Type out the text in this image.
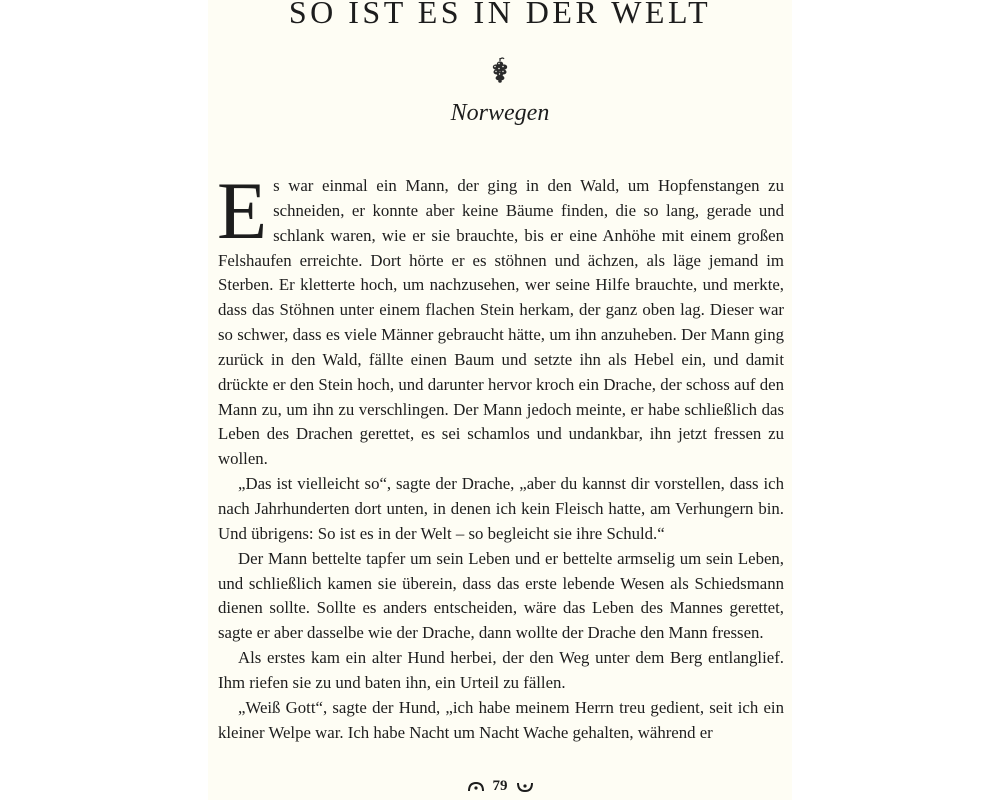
SO IST ES IN DER WELT
Norwegen

Es war einmal ein Mann, der ging in den Wald, um Hopfenstangen zu schneiden, er konnte aber keine Bäume finden, die so lang, gerade und schlank waren, wie er sie brauchte, bis er eine Anhöhe mit einem großen Felshaufen erreichte. Dort hörte er es stöhnen und ächzen, als läge jemand im Sterben. Er kletterte hoch, um nachzusehen, wer seine Hilfe brauchte, und merkte, dass das Stöhnen unter einem flachen Stein herkam, der ganz oben lag. Dieser war so schwer, dass es viele Männer gebraucht hätte, um ihn anzuheben. Der Mann ging zurück in den Wald, fällte einen Baum und setzte ihn als Hebel ein, und damit drückte er den Stein hoch, und darunter hervor kroch ein Drache, der schoss auf den Mann zu, um ihn zu verschlingen. Der Mann jedoch meinte, er habe schließlich das Leben des Drachen gerettet, es sei schamlos und undankbar, ihn jetzt fressen zu wollen.

„Das ist vielleicht so“, sagte der Drache, „aber du kannst dir vorstellen, dass ich nach Jahrhunderten dort unten, in denen ich kein Fleisch hatte, am Verhungern bin. Und übrigens: So ist es in der Welt – so begleicht sie ihre Schuld.“

Der Mann bettelte tapfer um sein Leben und er bettelte armselig um sein Leben, und schließlich kamen sie überein, dass das erste lebende Wesen als Schiedsmann dienen sollte. Sollte es anders entscheiden, wäre das Leben des Mannes gerettet, sagte er aber dasselbe wie der Drache, dann wollte der Drache den Mann fressen.

Als erstes kam ein alter Hund herbei, der den Weg unter dem Berg entlanglief. Ihm riefen sie zu und baten ihn, ein Urteil zu fällen.

„Weiß Gott“, sagte der Hund, „ich habe meinem Herrn treu gedient, seit ich ein kleiner Welpe war. Ich habe Nacht um Nacht Wache gehalten, während er

79
